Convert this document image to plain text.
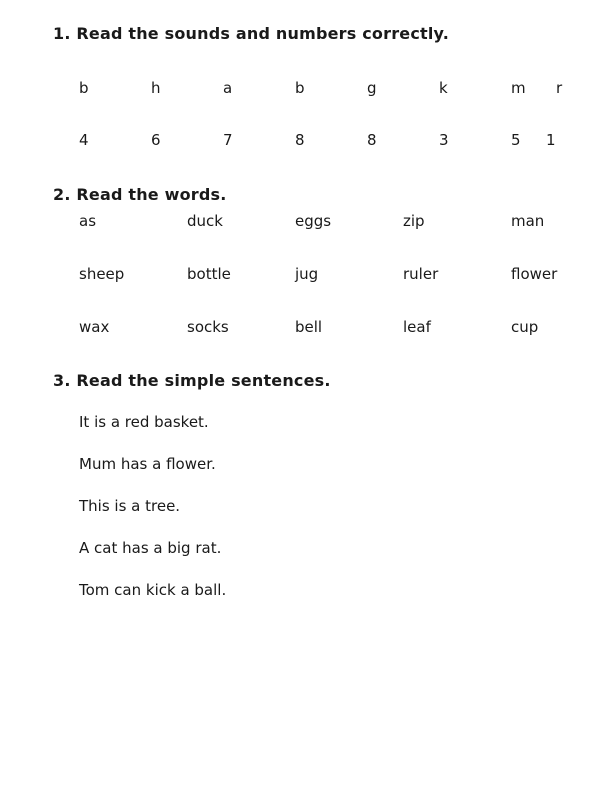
1. Read the sounds and numbers correctly.
b	h	a	b	g	k	m r
4	6	7	8	8	3	5 1
2. Read the words.
as	duck	eggs	zip	man
sheep	bottle	jug	ruler	flower
wax	socks	bell	leaf	cup
3. Read the simple sentences.
It is a red basket.
Mum has a flower.
This is a tree.
A cat has a big rat.
Tom can kick a ball.
